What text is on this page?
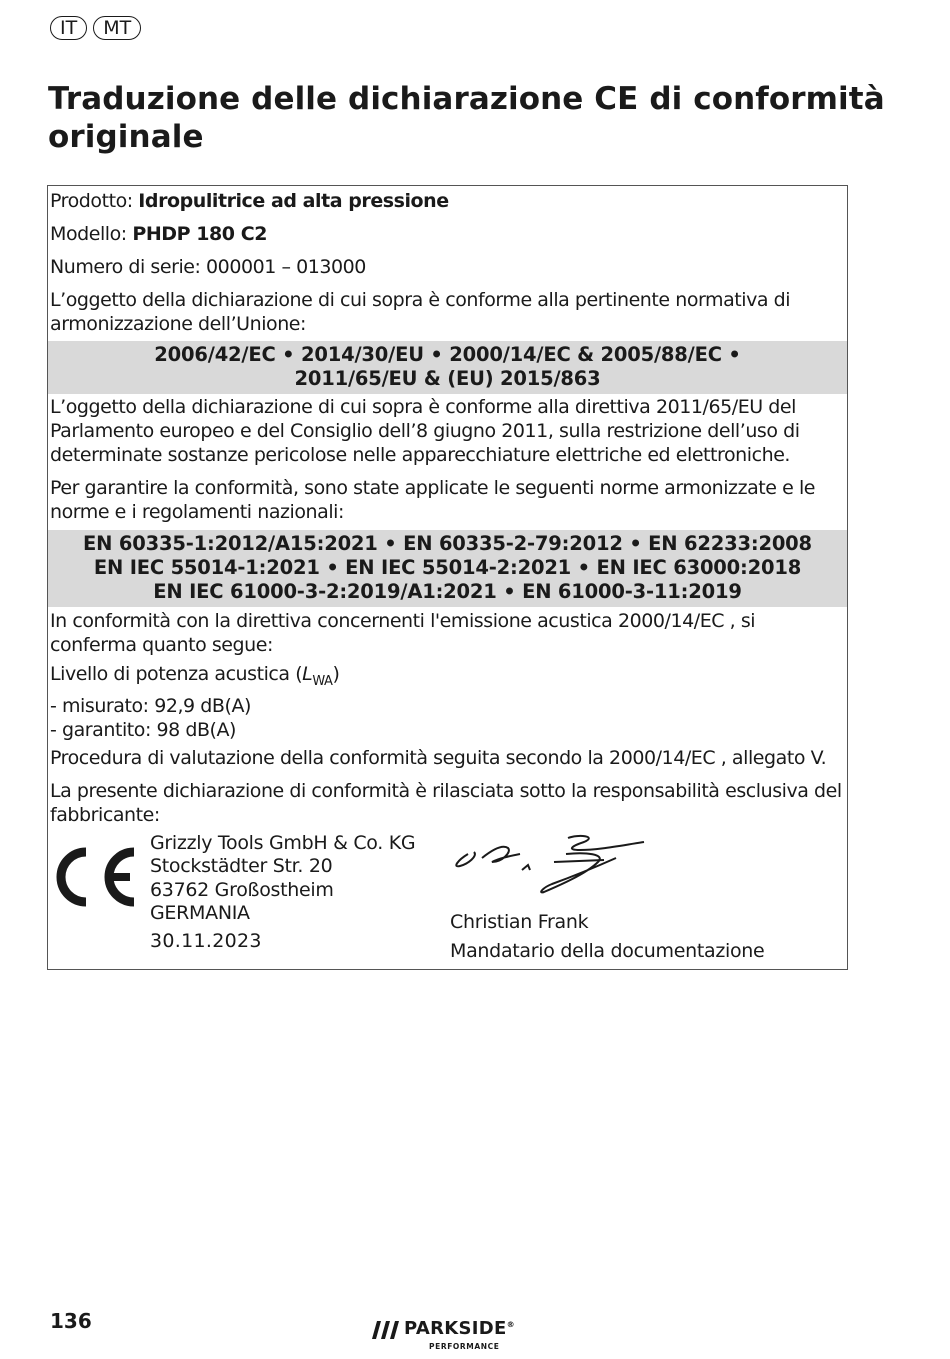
IT	MT
Traduzione delle dichiarazione CE di conformità originale
Prodotto: Idropulitrice ad alta pressione
Modello: PHDP 180 C2
Numero di serie: 000001 – 013000
L’oggetto della dichiarazione di cui sopra è conforme alla pertinente normativa di armonizzazione dell’Unione:
2006/42/EC • 2014/30/EU • 2000/14/EC & 2005/88/EC •
2011/65/EU & (EU) 2015/863
L’oggetto della dichiarazione di cui sopra è conforme alla direttiva 2011/65/EU del Parlamento europeo e del Consiglio dell’8 giugno 2011, sulla restrizione dell’uso di determinate sostanze pericolose nelle apparecchiature elettriche ed elettroniche.
Per garantire la conformità, sono state applicate le seguenti norme armonizzate e le norme e i regolamenti nazionali:
EN 60335-1:2012/A15:2021 • EN 60335-2-79:2012 • EN 62233:2008
EN IEC 55014-1:2021 • EN IEC 55014-2:2021 • EN IEC 63000:2018
EN IEC 61000-3-2:2019/A1:2021 • EN 61000-3-11:2019
In conformità con la direttiva concernenti l'emissione acustica 2000/14/EC , si conferma quanto segue:
Livello di potenza acustica $(L_{WA})$
- misurato: 92,9 dB(A)
- garantito: 98 dB(A)
Procedura di valutazione della conformità seguita secondo la 2000/14/EC , allegato V.
La presente dichiarazione di conformità è rilasciata sotto la responsabilità esclusiva del fabbricante:
Grizzly Tools GmbH & Co. KG
Stockstädter Str. 20
63762 Großostheim
GERMANIA
30.11.2023
Christian Frank
Mandatario della documentazione
136	PARKSIDE®
PERFORMANCE
